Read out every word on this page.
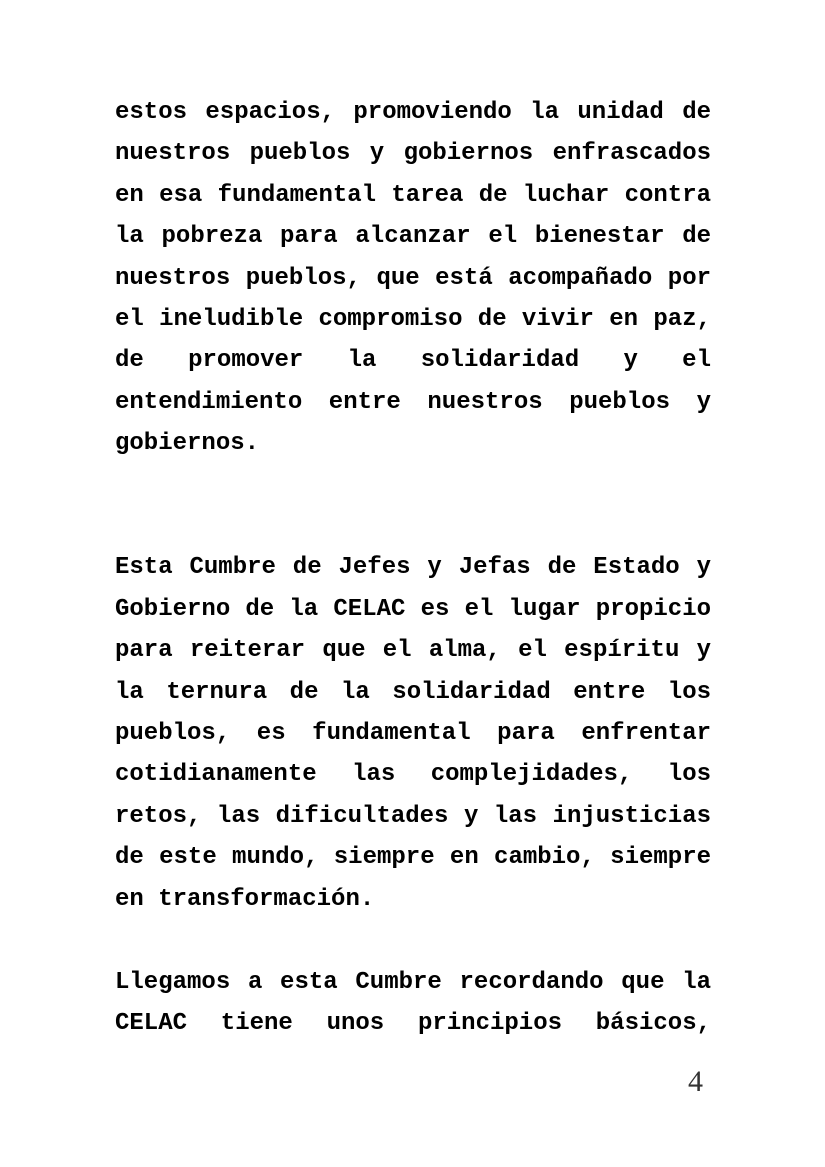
estos espacios, promoviendo la unidad de
nuestros pueblos y gobiernos enfrascados
en esa fundamental tarea de luchar contra
la pobreza para alcanzar el bienestar de
nuestros pueblos, que está acompañado por
el ineludible compromiso de vivir en paz,
de promover la solidaridad y el
entendimiento entre nuestros pueblos y
gobiernos.
Esta Cumbre de Jefes y Jefas de Estado y
Gobierno de la CELAC es el lugar propicio
para reiterar que el alma, el espíritu y
la ternura de la solidaridad entre los
pueblos, es fundamental para enfrentar
cotidianamente las complejidades, los
retos, las dificultades y las injusticias
de este mundo, siempre en cambio, siempre
en transformación.
Llegamos a esta Cumbre recordando que la
CELAC tiene unos principios básicos,
4
